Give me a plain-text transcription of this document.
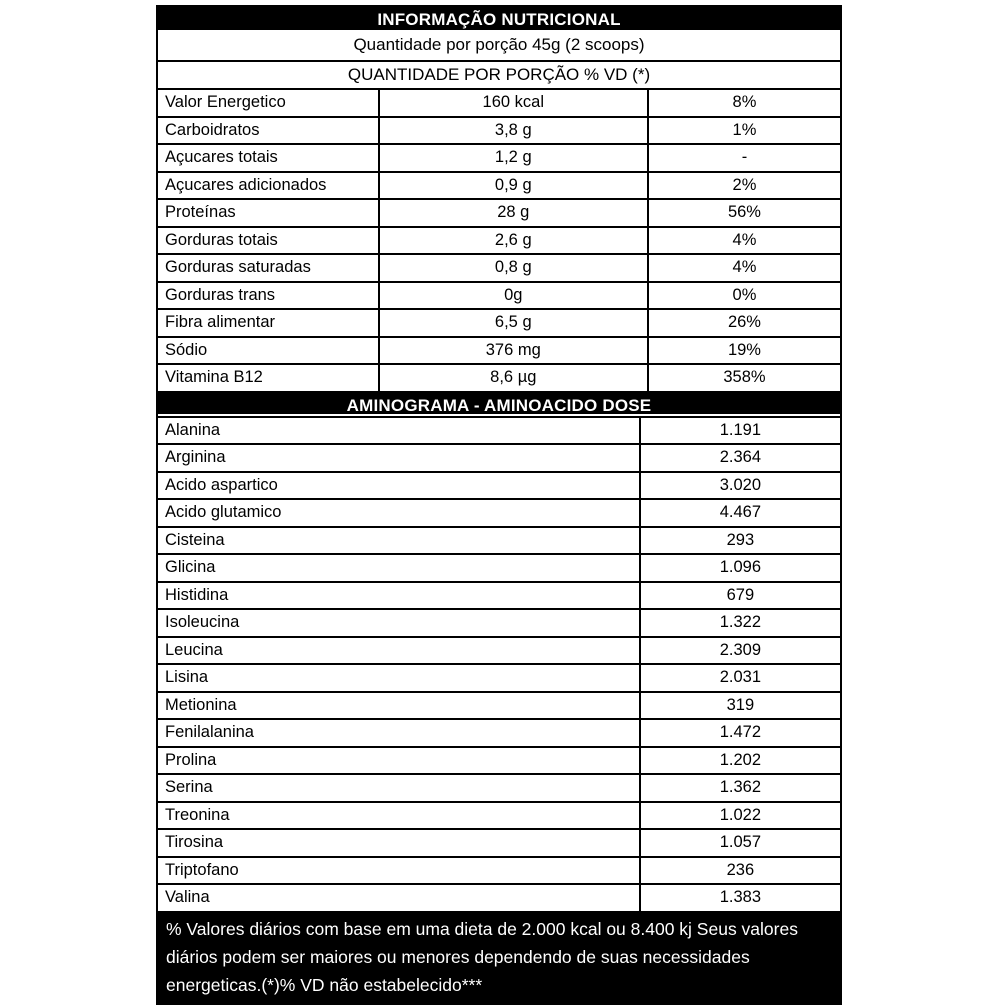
INFORMAÇÃO NUTRICIONAL
Quantidade por porção 45g (2 scoops)
QUANTIDADE POR PORÇÃO % VD (*)
Valor Energetico	160 kcal	8%
Carboidratos	3,8 g	1%
Açucares totais	1,2 g	-
Açucares adicionados	0,9 g	2%
Proteínas	28 g	56%
Gorduras totais	2,6 g	4%
Gorduras saturadas	0,8 g	4%
Gorduras trans	0g	0%
Fibra alimentar	6,5 g	26%
Sódio	376 mg	19%
Vitamina B12	8,6 µg	358%
AMINOGRAMA - AMINOACIDO DOSE
Alanina	1.191
Arginina	2.364
Acido aspartico	3.020
Acido glutamico	4.467
Cisteina	293
Glicina	1.096
Histidina	679
Isoleucina	1.322
Leucina	2.309
Lisina	2.031
Metionina	319
Fenilalanina	1.472
Prolina	1.202
Serina	1.362
Treonina	1.022
Tirosina	1.057
Triptofano	236
Valina	1.383
% Valores diários com base em uma dieta de 2.000 kcal ou 8.400 kj Seus valores diários podem ser maiores ou menores dependendo de suas necessidades energeticas.(*)% VD não estabelecido***
